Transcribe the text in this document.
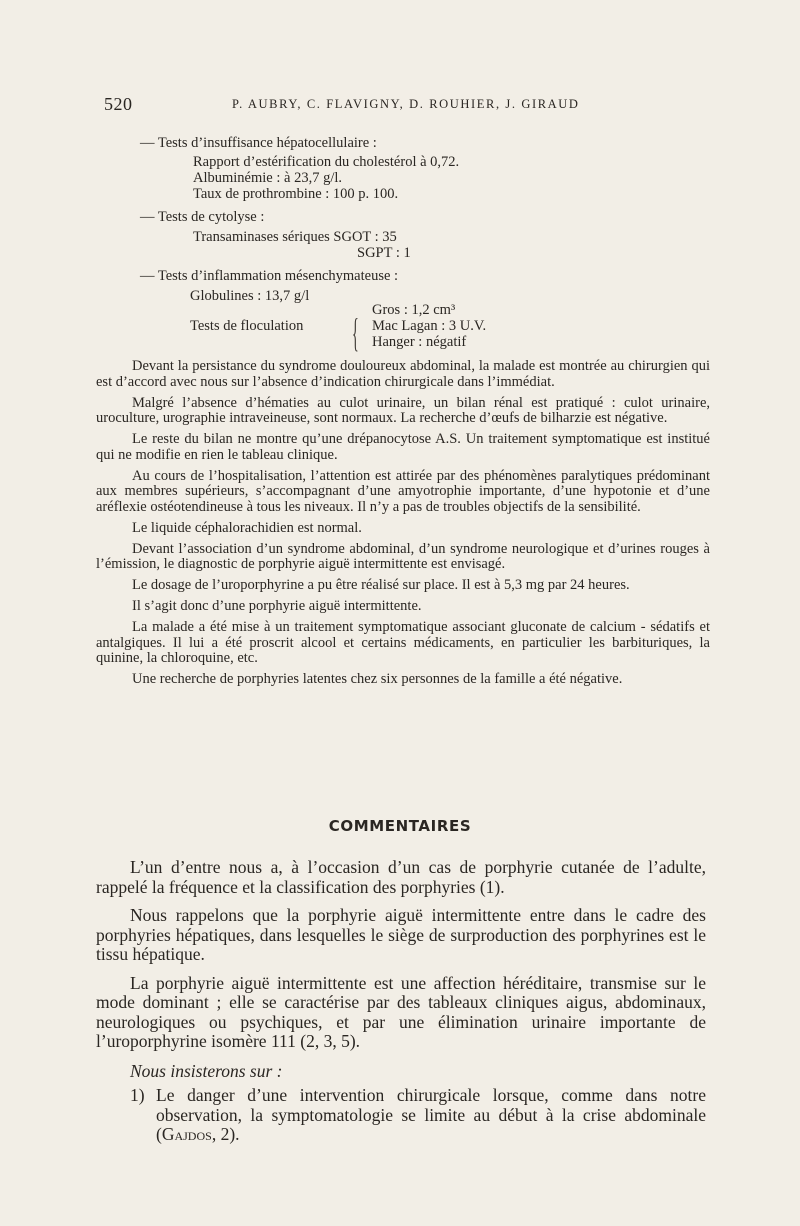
520	P. AUBRY, C. FLAVIGNY, D. ROUHIER, J. GIRAUD
— Tests d’insuffisance hépatocellulaire :
Rapport d’estérification du cholestérol à 0,72.
Albuminémie : à 23,7 g/l.
Taux de prothrombine : 100 p. 100.
— Tests de cytolyse :
Transaminases sériques SGOT : 35
SGPT : 1
— Tests d’inflammation mésenchymateuse :
Globulines : 13,7 g/l
Tests de floculation { Gros : 1,2 cm³
Mac Lagan : 3 U.V.
Hanger : négatif

Devant la persistance du syndrome douloureux abdominal, la malade est montrée au chirurgien qui est d’accord avec nous sur l’absence d’indication chirurgicale dans l’immédiat.

Malgré l’absence d’hématies au culot urinaire, un bilan rénal est pratiqué : culot urinaire, uroculture, urographie intraveineuse, sont normaux. La recherche d’œufs de bilharzie est négative.

Le reste du bilan ne montre qu’une drépanocytose A.S. Un traitement symptomatique est institué qui ne modifie en rien le tableau clinique.

Au cours de l’hospitalisation, l’attention est attirée par des phénomènes paralytiques prédominant aux membres supérieurs, s’accompagnant d’une amyotrophie importante, d’une hypotonie et d’une aréflexie ostéotendineuse à tous les niveaux. Il n’y a pas de troubles objectifs de la sensibilité.

Le liquide céphalorachidien est normal.

Devant l’association d’un syndrome abdominal, d’un syndrome neurologique et d’urines rouges à l’émission, le diagnostic de porphyrie aiguë intermittente est envisagé.

Le dosage de l’uroporphyrine a pu être réalisé sur place. Il est à 5,3 mg par 24 heures.

Il s’agit donc d’une porphyrie aiguë intermittente.

La malade a été mise à un traitement symptomatique associant gluconate de calcium - sédatifs et antalgiques. Il lui a été proscrit alcool et certains médicaments, en particulier les barbituriques, la quinine, la chloroquine, etc.

Une recherche de porphyries latentes chez six personnes de la famille a été négative.

COMMENTAIRES

L’un d’entre nous a, à l’occasion d’un cas de porphyrie cutanée de l’adulte, rappelé la fréquence et la classification des porphyries (1).

Nous rappelons que la porphyrie aiguë intermittente entre dans le cadre des porphyries hépatiques, dans lesquelles le siège de surproduction des porphyrines est le tissu hépatique.

La porphyrie aiguë intermittente est une affection héréditaire, transmise sur le mode dominant ; elle se caractérise par des tableaux cliniques aigus, abdominaux, neurologiques ou psychiques, et par une élimination urinaire importante de l’uroporphyrine isomère 111 (2, 3, 5).

Nous insisterons sur :
1) Le danger d’une intervention chirurgicale lorsque, comme dans notre observation, la symptomatologie se limite au début à la crise abdominale (Gajdos, 2).
